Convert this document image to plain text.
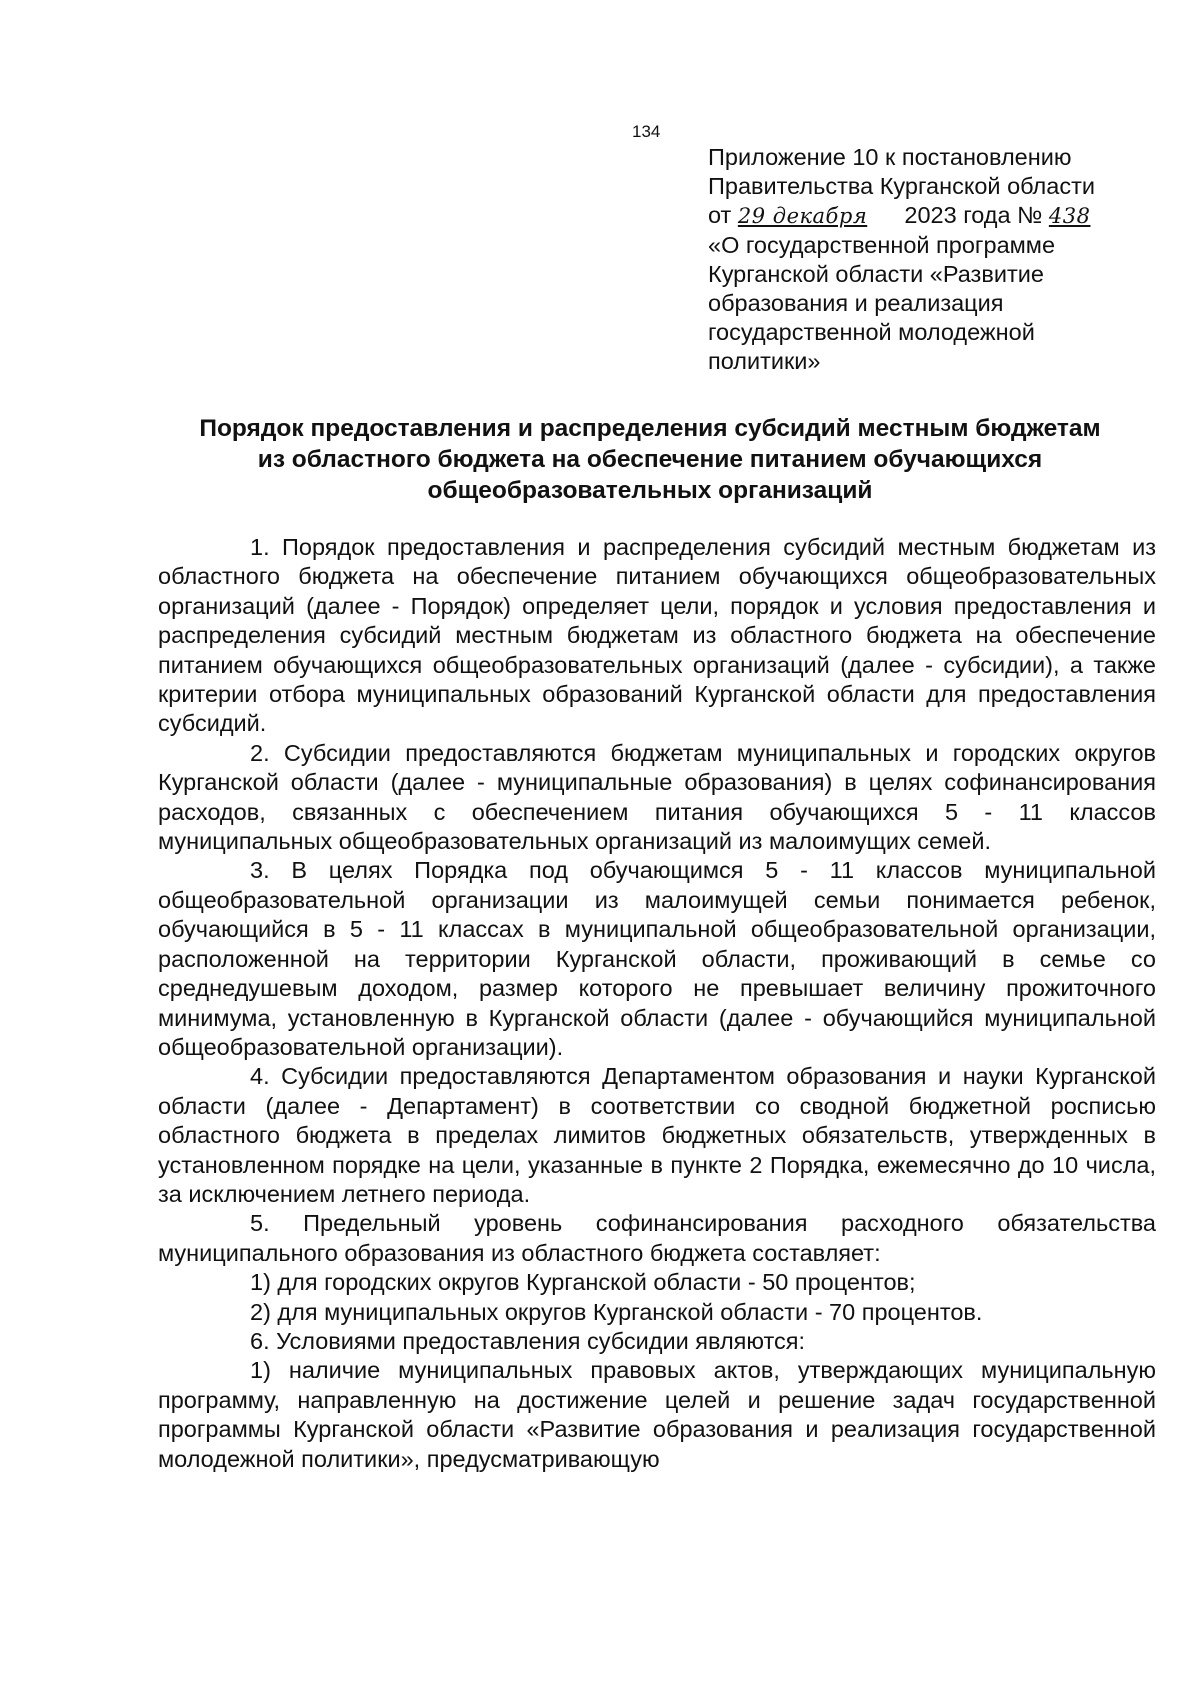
134
Приложение 10 к постановлению
Правительства Курганской области
от 29 декабря 2023 года № 438
«О государственной программе
Курганской области «Развитие
образования и реализация
государственной молодежной
политики»
Порядок предоставления и распределения субсидий местным бюджетам
из областного бюджета на обеспечение питанием обучающихся
общеобразовательных организаций

1. Порядок предоставления и распределения субсидий местным бюджетам из областного бюджета на обеспечение питанием обучающихся общеобразовательных организаций (далее - Порядок) определяет цели, порядок и условия предоставления и распределения субсидий местным бюджетам из областного бюджета на обеспечение питанием обучающихся общеобразовательных организаций (далее - субсидии), а также критерии отбора муниципальных образований Курганской области для предоставления субсидий.

2. Субсидии предоставляются бюджетам муниципальных и городских округов Курганской области (далее - муниципальные образования) в целях софинансирования расходов, связанных с обеспечением питания обучающихся 5 - 11 классов муниципальных общеобразовательных организаций из малоимущих семей.

3. В целях Порядка под обучающимся 5 - 11 классов муниципальной общеобразовательной организации из малоимущей семьи понимается ребенок, обучающийся в 5 - 11 классах в муниципальной общеобразовательной организации, расположенной на территории Курганской области, проживающий в семье со среднедушевым доходом, размер которого не превышает величину прожиточного минимума, установленную в Курганской области (далее - обучающийся муниципальной общеобразовательной организации).

4. Субсидии предоставляются Департаментом образования и науки Курганской области (далее - Департамент) в соответствии со сводной бюджетной росписью областного бюджета в пределах лимитов бюджетных обязательств, утвержденных в установленном порядке на цели, указанные в пункте 2 Порядка, ежемесячно до 10 числа, за исключением летнего периода.

5. Предельный уровень софинансирования расходного обязательства муниципального образования из областного бюджета составляет:

1) для городских округов Курганской области - 50 процентов;

2) для муниципальных округов Курганской области - 70 процентов.

6. Условиями предоставления субсидии являются:

1) наличие муниципальных правовых актов, утверждающих муниципальную программу, направленную на достижение целей и решение задач государственной программы Курганской области «Развитие образования и реализация государственной молодежной политики», предусматривающую
